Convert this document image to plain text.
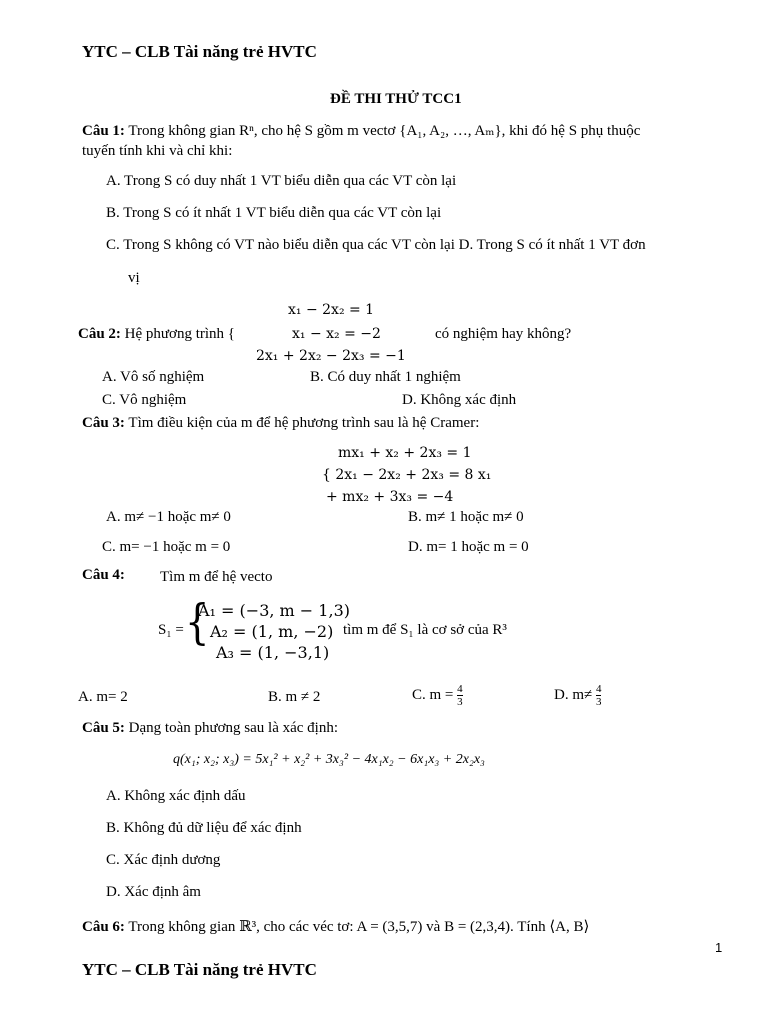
YTC – CLB Tài năng trẻ HVTC
ĐỀ THI THỬ TCC1
Câu 1: Trong không gian Rⁿ, cho hệ S gồm m vectơ {A₁, A₂, …, Aₘ}, khi đó hệ S phụ thuộc
tuyến tính khi và chỉ khi:
A. Trong S có duy nhất 1 VT biểu diễn qua các VT còn lại
B. Trong S có ít nhất 1 VT biểu diễn qua các VT còn lại
C. Trong S không có VT nào biểu diễn qua các VT còn lại D. Trong S có ít nhất 1 VT đơn
vị
x₁ − 2x₂ = 1
Câu 2: Hệ phương trình {	x₁ − x₂ = −2	có nghiệm hay không?
2x₁ + 2x₂ − 2x₃ = −1
A. Vô số nghiệm	B. Có duy nhất 1 nghiệm
C. Vô nghiệm	D. Không xác định
Câu 3: Tìm điều kiện của m để hệ phương trình sau là hệ Cramer:
mx₁ + x₂ + 2x₃ = 1
{ 2x₁ − 2x₂ + 2x₃ = 8 x₁
+ mx₂ + 3x₃ = −4
A. m≠ −1 hoặc m≠ 0	B. m≠ 1 hoặc m≠ 0
C. m= −1 hoặc m = 0	D. m= 1 hoặc m = 0
Câu 4: Tìm m để hệ vecto
S₁ = {
A₁ = (−3, m − 1,3)
A₂ = (1, m, −2)
A₃ = (1, −3,1)
tìm m để S₁ là cơ sở của R³
A. m= 2	B. m ≠ 2	C. $m = \frac{4}{3}$	D. $m\ne \frac{4}{3}$
Câu 5: Dạng toàn phương sau là xác định:
q(x₁; x₂; x₃) = 5x₁² + x₂² + 3x₃² − 4x₁x₂ − 6x₁x₃ + 2x₂x₃
A. Không xác định dấu
B. Không đủ dữ liệu để xác định
C. Xác định dương
D. Xác định âm
Câu 6: Trong không gian ℝ³, cho các véc tơ: A = (3,5,7) và B = (2,3,4). Tính ⟨A, B⟩
1
YTC – CLB Tài năng trẻ HVTC
